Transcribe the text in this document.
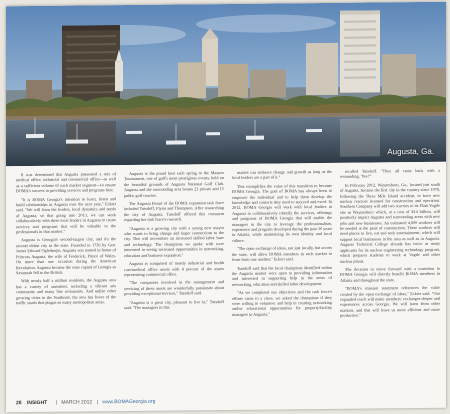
Augusta, Ga.

It was determined that Augusta possessed a mix of medical office, industrial and commercial office—as well as a sufficient volume of each market segment—to ensure BOMA's success in providing services and programs here.

"It is BOMA Georgia's intention to learn, listen and build relationships in Augusta over the next year," Eckert said. "We will learn the leaders, local dynamics and needs of Augusta, so that going into 2013, we can work collaboratively with these local leaders in Augusta to create services and programs that will be valuable to the professionals in that market."

Augusta is Georgia's second-largest city, and it's the second oldest city in the state. Founded in 1736 by Gen. James Edward Oglethorpe, Augusta was named in honor of Princess Augusta, the wife of Frederick, Prince of Wales. On more than one occasion during the American Revolution, Augusta became the state capital of Georgia as Savannah fell to the British.

With nearly half a million residents, the Augusta area has a variety of amenities, including a vibrant arts community and many fine restaurants. And unlike other growing cities in the Southeast, the area has fewer of the traffic snarls that plague so many metropolitan areas.

Augusta is the proud host each spring to the Masters Tournament, one of golf's most prestigious events, held on the beautiful grounds of Augusta National Golf Club. Augusta and the surrounding area boasts 21 private and 15 public golf courses.

The Augusta Board of the BOMA expansion task force included Tutsdoff, Flynn and Thompson. After researching the city of Augusta, Tutsdoff offered this comment regarding her task force's research.

"Augusta is a growing city with a young new mayor who wants to bring change and larger connections to the city. This will necessitate an increased skilled labor base and technology. The champions we spoke with were interested in seeing increased opportunities in networking, education and business expansion."

Augusta is comprised of mostly industrial and health care/medical office assets with 8 percent of the assets representing commercial office.

"The companies involved in the management and servicing of these assets are wonderfully passionate about providing exceptional services," Tutsdoff said.

"Augusta is a great city, pleasant to live in," Tutsdoff said. "The managers in this

market can embrace change and growth as long as the local leaders are a part of it."

This exemplifies the value of this transition to become BOMA Georgia. The goal of BOMA has always been to empower the individual and to help them develop the knowledge and contacts they need to succeed and excel. In 2012, BOMA Georgia will work with local leaders in Augusta to collaboratively identify the services, offerings and programs of BOMA Georgia that will enable the managers in the city to leverage the professionalism, experience and program developed during the past 30 years in Atlanta, while maintaining its own identity and local culture.

"The open exchange of ideas, not just locally, but across the state, will allow BOMA members in each market to learn from one another," Eckert said.

Tutsdoff said that the local champions identified within the Augusta market were open to providing information and interested in supporting help in the areas of networking, education and skilled labor development.

"As we completed our objectives and the task force's efforts came to a close, we asked the champions if they were willing to volunteer and help in creating networking and/or educational opportunities for property/facility managers in Augusta,"

recalled Tutsdoff. "They all came back with a resounding, 'Yes!'"

In February 2012, Waynesboro, Ga., located just south of Augusta, became the first city in the country since 1978, following the Three Mile Island accident, to have new nuclear reactors licensed for construction and operation. Southern Company will add two reactors to its Plant Vogtle site in Waynesboro which, at a cost of $14 billion, will positively impact Augusta and surrounding areas with new jobs and new businesses. An estimated 4,000 workers will be needed at the peak of construction. These workers will need places to live, eat and seek entertainment, which will support local businesses in the area as well as in Augusta. Augusta Technical College already has twice as many applicants for its nuclear engineering technology program, which prepares students to work at Vogtle and other nuclear plants.

The decision to move forward with a transition to BOMA Georgia will directly benefit BOMA members in Atlanta and throughout the state.

"BOMA's mission statement references the value created by the open exchange of ideas," Eckert said. "Our expanded reach will make members' exchanges deeper and experiences across Georgia. We will learn from other markets, and that will leave us more efficient and more productive."

28 INSIGHT | MARCH 2012 | www.BOMAGeorgia.org
